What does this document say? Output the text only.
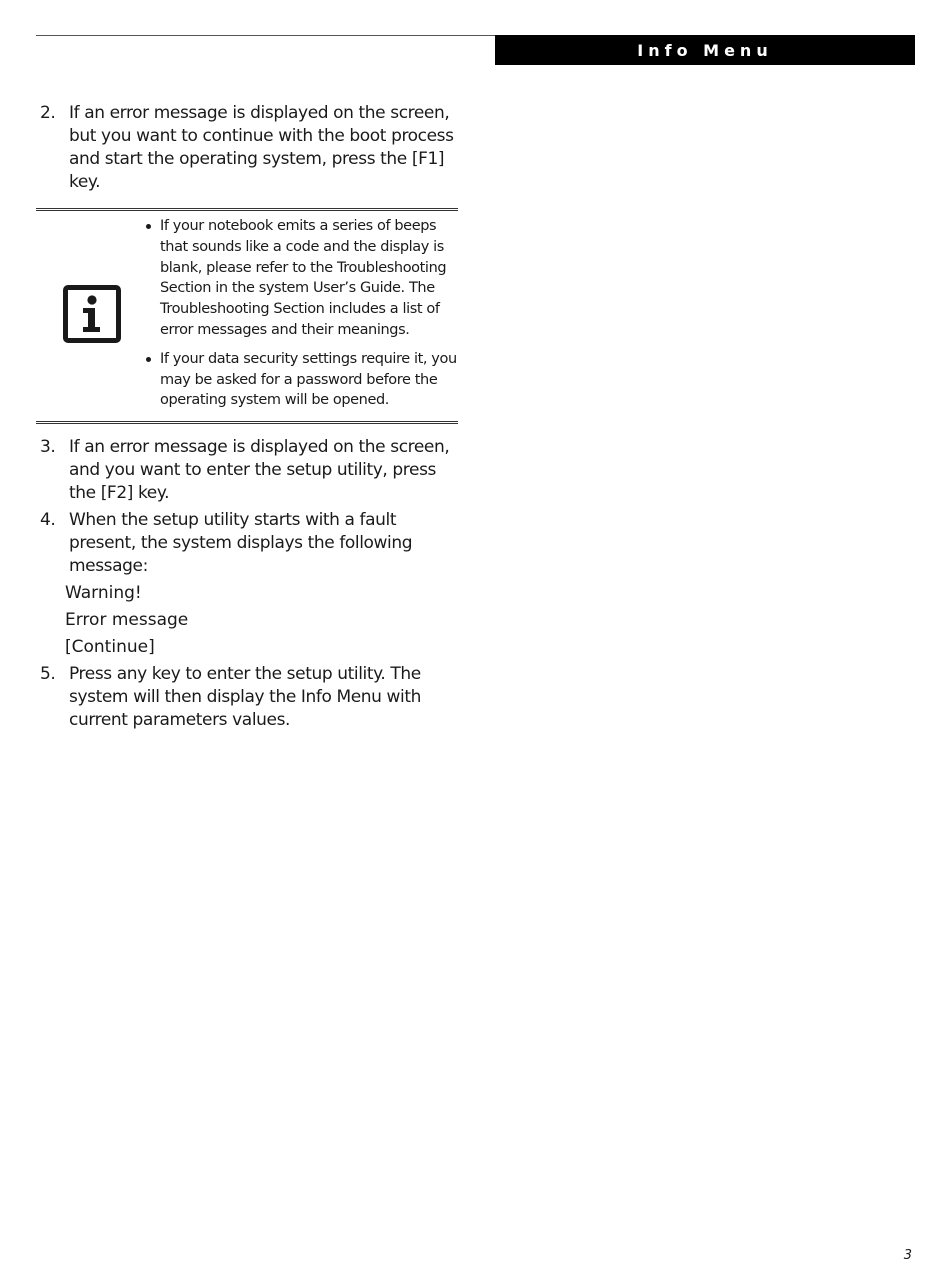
Info Menu
2. If an error message is displayed on the screen, but you want to continue with the boot process and start the operating system, press the [F1] key.
If your notebook emits a series of beeps that sounds like a code and the display is blank, please refer to the Troubleshooting Section in the system User’s Guide. The Troubleshooting Section includes a list of error messages and their meanings.
If your data security settings require it, you may be asked for a password before the operating system will be opened.
3. If an error message is displayed on the screen, and you want to enter the setup utility, press the [F2] key.
4. When the setup utility starts with a fault present, the system displays the following message:
Warning!
Error message
[Continue]
5. Press any key to enter the setup utility. The system will then display the Info Menu with current parameters values.
3
